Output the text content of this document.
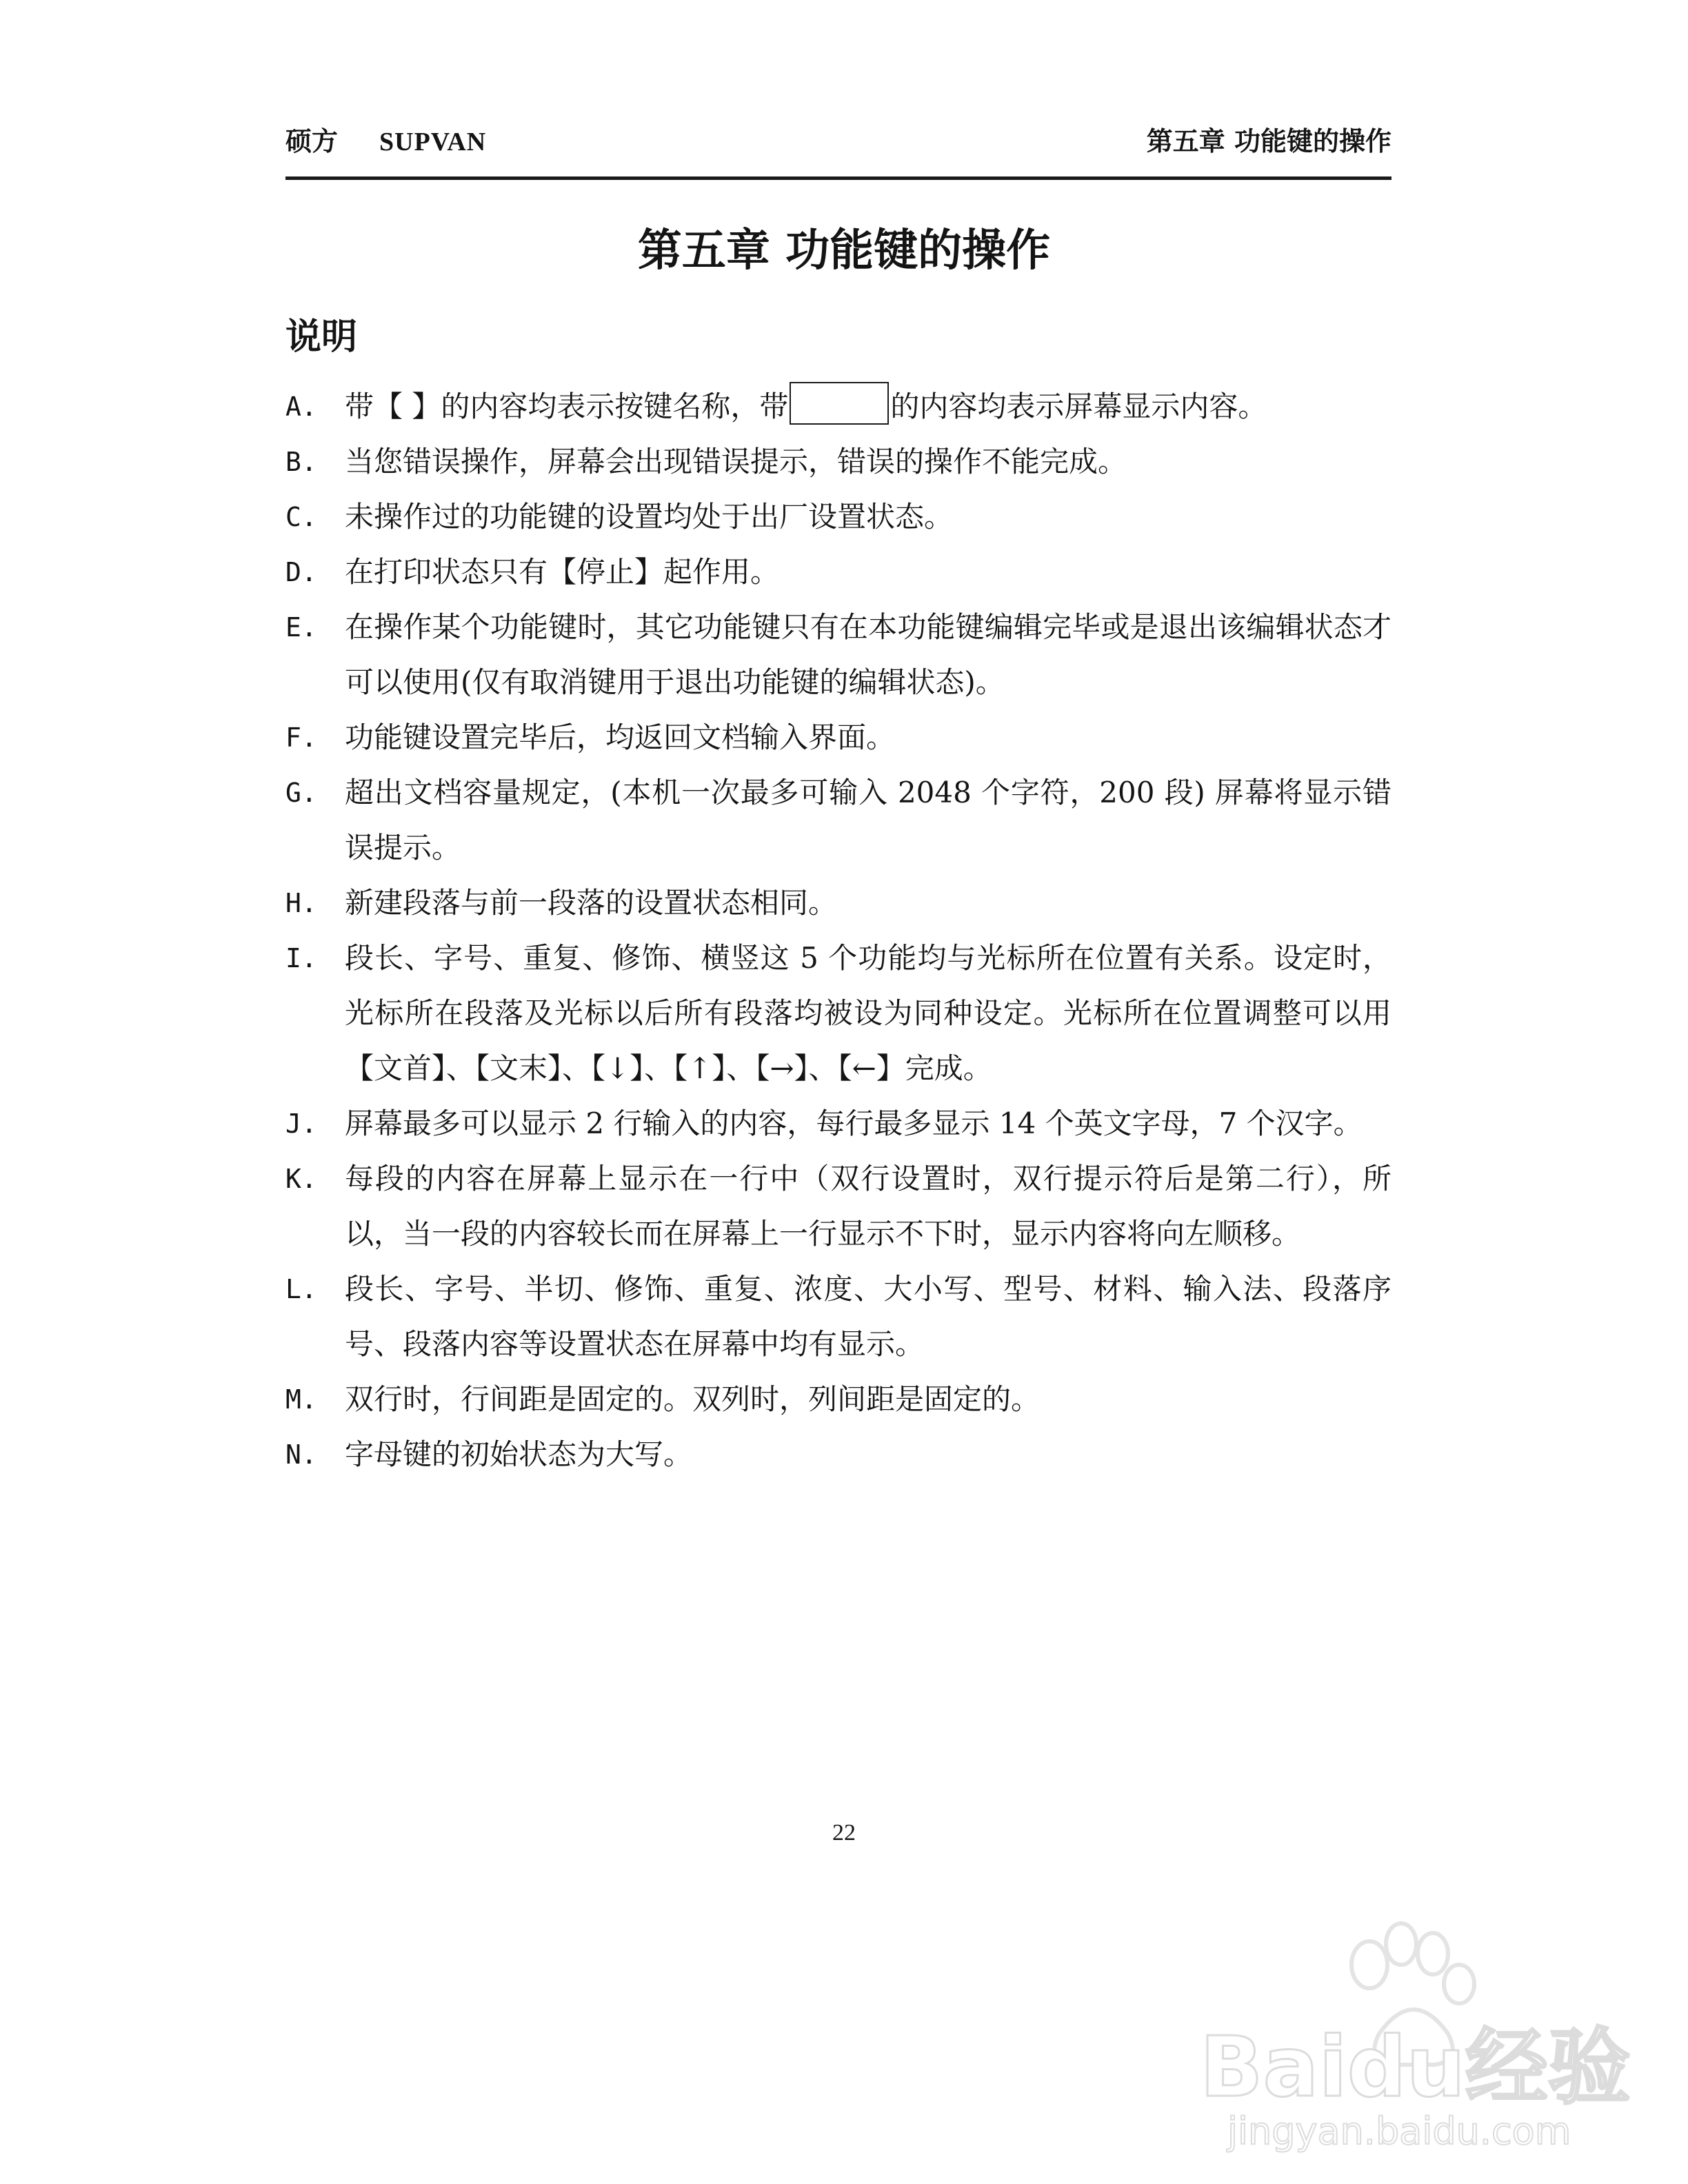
硕方 SUPVAN	第五章 功能键的操作
第五章 功能键的操作
说明
A. 带【 】的内容均表示按键名称，带	的内容均表示屏幕显示内容。
B. 当您错误操作，屏幕会出现错误提示，错误的操作不能完成。
C. 未操作过的功能键的设置均处于出厂设置状态。
D. 在打印状态只有【停止】起作用。
E. 在操作某个功能键时，其它功能键只有在本功能键编辑完毕或是退出该编辑状态才可以使用(仅有取消键用于退出功能键的编辑状态)。
F. 功能键设置完毕后，均返回文档输入界面。
G. 超出文档容量规定，(本机一次最多可输入 2048 个字符，200 段) 屏幕将显示错误提示。
H. 新建段落与前一段落的设置状态相同。
I. 段长、字号、重复、修饰、横竖这 5 个功能均与光标所在位置有关系。设定时，光标所在段落及光标以后所有段落均被设为同种设定。光标所在位置调整可以用【文首】、【文末】、【↓】、【↑】、【→】、【←】完成。
J. 屏幕最多可以显示 2 行输入的内容，每行最多显示 14 个英文字母，7 个汉字。
K. 每段的内容在屏幕上显示在一行中（双行设置时，双行提示符后是第二行），所以，当一段的内容较长而在屏幕上一行显示不下时，显示内容将向左顺移。
L. 段长、字号、半切、修饰、重复、浓度、大小写、型号、材料、输入法、段落序号、段落内容等设置状态在屏幕中均有显示。
M. 双行时，行间距是固定的。双列时，列间距是固定的。
N. 字母键的初始状态为大写。
22
Baidu经验
jingyan.baidu.com
